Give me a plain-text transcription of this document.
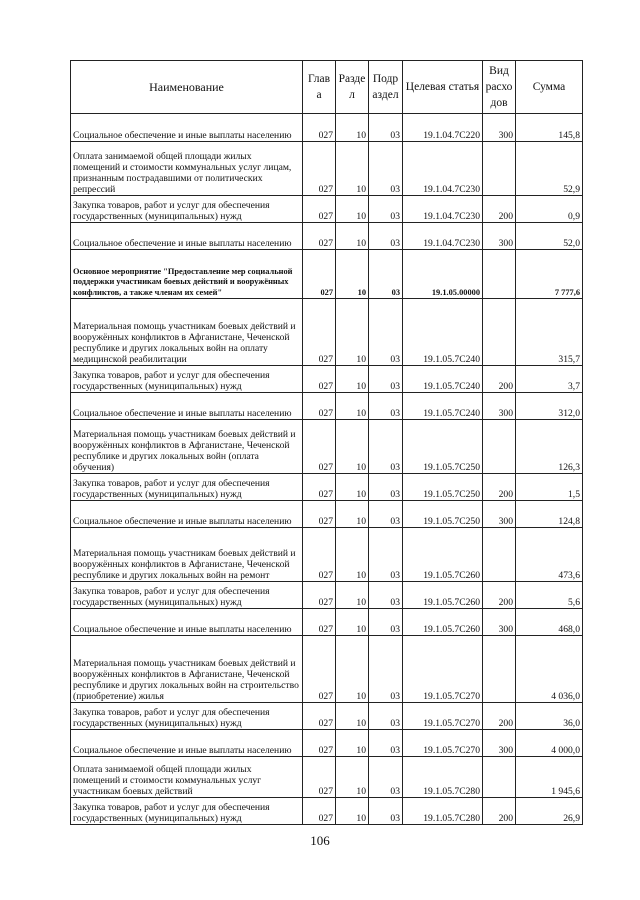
Наименование	Глав а	Разде л	Подр аздел	Целевая статья	Вид расхо дов	Сумма
Социальное обеспечение и иные выплаты населению	027	10	03	19.1.04.7С220	300	145,8
Оплата занимаемой общей площади жилых помещений и стоимости коммунальных услуг лицам, признанным пострадавшими от политических репрессий	027	10	03	19.1.04.7С230		52,9
Закупка товаров, работ и услуг для обеспечения государственных (муниципальных) нужд	027	10	03	19.1.04.7С230	200	0,9
Социальное обеспечение и иные выплаты населению	027	10	03	19.1.04.7С230	300	52,0
Основное мероприятие "Предоставление мер социальной поддержки участникам боевых действий и вооружённых конфликтов, а также членам их семей"	027	10	03	19.1.05.00000		7 777,6
Материальная помощь участникам боевых действий и вооружённых конфликтов в Афганистане, Чеченской республике и других локальных войн на оплату медицинской реабилитации	027	10	03	19.1.05.7С240		315,7
Закупка товаров, работ и услуг для обеспечения государственных (муниципальных) нужд	027	10	03	19.1.05.7С240	200	3,7
Социальное обеспечение и иные выплаты населению	027	10	03	19.1.05.7С240	300	312,0
Материальная помощь участникам боевых действий и вооружённых конфликтов в Афганистане, Чеченской республике и других локальных войн (оплата обучения)	027	10	03	19.1.05.7С250		126,3
Закупка товаров, работ и услуг для обеспечения государственных (муниципальных) нужд	027	10	03	19.1.05.7С250	200	1,5
Социальное обеспечение и иные выплаты населению	027	10	03	19.1.05.7С250	300	124,8
Материальная помощь участникам боевых действий и вооружённых конфликтов в Афганистане, Чеченской республике и других локальных войн на ремонт	027	10	03	19.1.05.7С260		473,6
Закупка товаров, работ и услуг для обеспечения государственных (муниципальных) нужд	027	10	03	19.1.05.7С260	200	5,6
Социальное обеспечение и иные выплаты населению	027	10	03	19.1.05.7С260	300	468,0
Материальная помощь участникам боевых действий и вооружённых конфликтов в Афганистане, Чеченской республике и других локальных войн на строительство (приобретение) жилья	027	10	03	19.1.05.7С270		4 036,0
Закупка товаров, работ и услуг для обеспечения государственных (муниципальных) нужд	027	10	03	19.1.05.7С270	200	36,0
Социальное обеспечение и иные выплаты населению	027	10	03	19.1.05.7С270	300	4 000,0
Оплата занимаемой общей площади жилых помещений и стоимости коммунальных услуг участникам боевых действий	027	10	03	19.1.05.7С280		1 945,6
Закупка товаров, работ и услуг для обеспечения государственных (муниципальных) нужд	027	10	03	19.1.05.7С280	200	26,9
106
